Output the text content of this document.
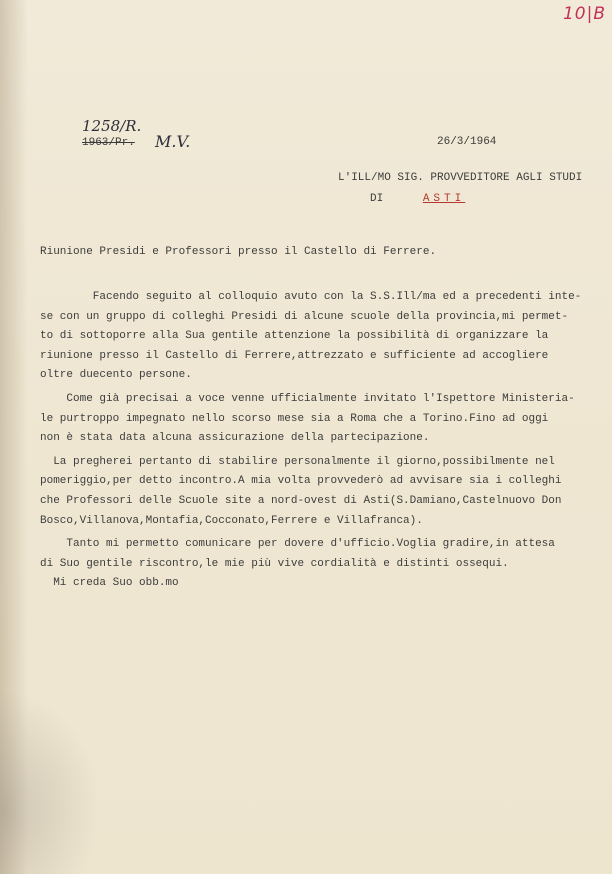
10|B
1258/R.
1963/Pr. M.V.	26/3/1964
L'ILL/MO SIG. PROVVEDITORE AGLI STUDI
DI	ASTI
Riunione Presidi e Professori presso il Castello di Ferrere.
Facendo seguito al colloquio avuto con la S.S.Ill/ma ed a precedenti inte-
se con un gruppo di colleghi Presidi di alcune scuole della provincia,mi permet-
to di sottoporre alla Sua gentile attenzione la possibilità di organizzare la
riunione presso il Castello di Ferrere,attrezzato e sufficiente ad accogliere
oltre duecento persone.
Come già precisai a voce venne ufficialmente invitato l'Ispettore Ministeria-
le purtroppo impegnato nello scorso mese sia a Roma che a Torino.Fino ad oggi
non è stata data alcuna assicurazione della partecipazione.
La pregherei pertanto di stabilire personalmente il giorno,possibilmente nel
pomeriggio,per detto incontro.A mia volta provvederò ad avvisare sia i colleghi
che Professori delle Scuole site a nord-ovest di Asti(S.Damiano,Castelnuovo Don
Bosco,Villanova,Montafia,Cocconato,Ferrere e Villafranca).
Tanto mi permetto comunicare per dovere d'ufficio.Voglia gradire,in attesa
di Suo gentile riscontro,le mie più vive cordialità e distinti ossequi.
Mi creda Suo obb.mo
